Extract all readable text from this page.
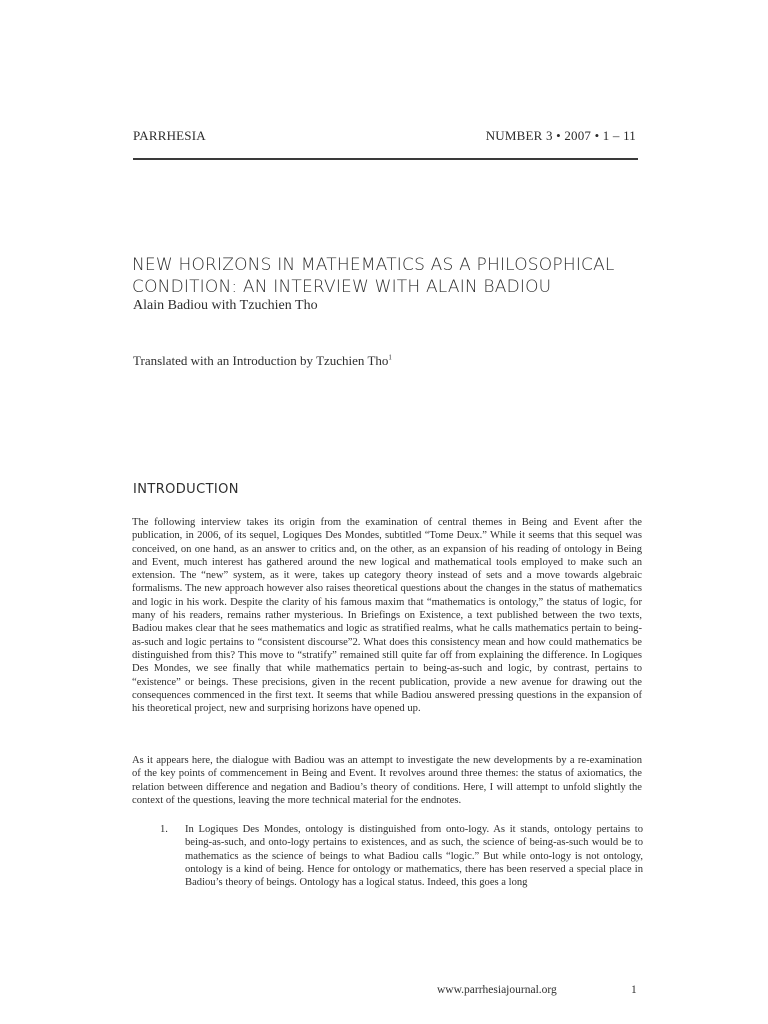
PARRHESIA	NUMBER 3 • 2007 • 1 – 11
NEW HORIZONS IN MATHEMATICS AS A PHILOSOPHICAL CONDITION: AN INTERVIEW WITH ALAIN BADIOU
Alain Badiou with Tzuchien Tho
Translated with an Introduction by Tzuchien Tho$^1$
INTRODUCTION
The following interview takes its origin from the examination of central themes in Being and Event after the publication, in 2006, of its sequel, Logiques Des Mondes, subtitled “Tome Deux.” While it seems that this sequel was conceived, on one hand, as an answer to critics and, on the other, as an expansion of his reading of ontology in Being and Event, much interest has gathered around the new logical and mathematical tools employed to make such an extension. The “new” system, as it were, takes up category theory instead of sets and a move towards algebraic formalisms. The new approach however also raises theoretical questions about the changes in the status of mathematics and logic in his work. Despite the clarity of his famous maxim that “mathematics is ontology,” the status of logic, for many of his readers, remains rather mysterious. In Briefings on Existence, a text published between the two texts, Badiou makes clear that he sees mathematics and logic as stratified realms, what he calls mathematics pertain to being-as-such and logic pertains to “consistent discourse”2. What does this consistency mean and how could mathematics be distinguished from this? This move to “stratify” remained still quite far off from explaining the difference. In Logiques Des Mondes, we see finally that while mathematics pertain to being-as-such and logic, by contrast, pertains to “existence” or beings. These precisions, given in the recent publication, provide a new avenue for drawing out the consequences commenced in the first text. It seems that while Badiou answered pressing questions in the expansion of his theoretical project, new and surprising horizons have opened up.
As it appears here, the dialogue with Badiou was an attempt to investigate the new developments by a re-examination of the key points of commencement in Being and Event. It revolves around three themes: the status of axiomatics, the relation between difference and negation and Badiou’s theory of conditions. Here, I will attempt to unfold slightly the context of the questions, leaving the more technical material for the endnotes.
1.	In Logiques Des Mondes, ontology is distinguished from onto-logy. As it stands, ontology pertains to being-as-such, and onto-logy pertains to existences, and as such, the science of being-as-such would be to mathematics as the science of beings to what Badiou calls “logic.” But while onto-logy is not ontology, ontology is a kind of being. Hence for ontology or mathematics, there has been reserved a special place in Badiou’s theory of beings. Ontology has a logical status. Indeed, this goes a long
www.parrhesiajournal.org	1
